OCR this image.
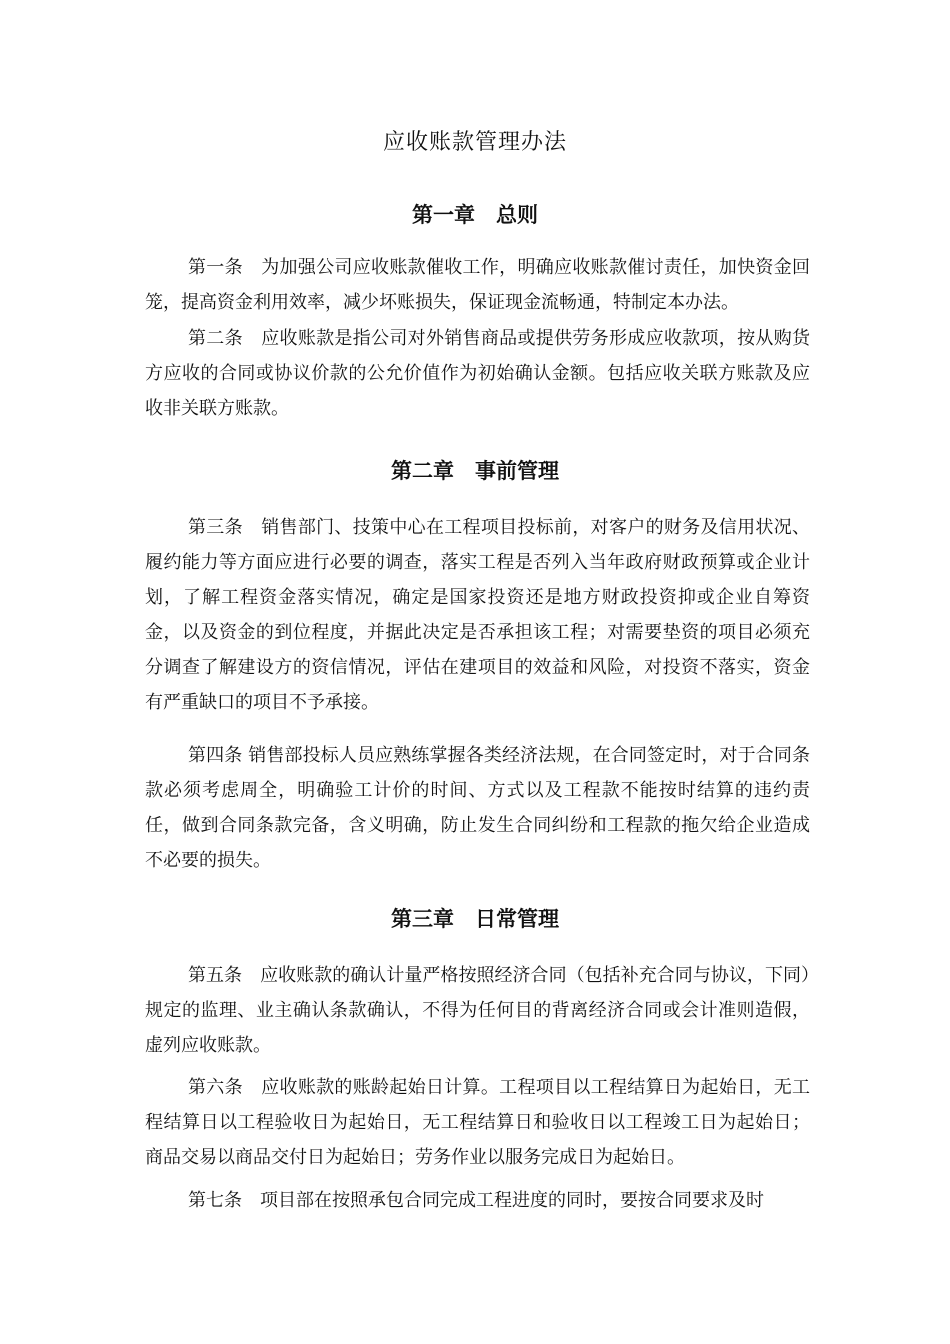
应收账款管理办法
第一章　总则
第一条　为加强公司应收账款催收工作，明确应收账款催讨责任，加快资金回笼，提高资金利用效率，减少坏账损失，保证现金流畅通，特制定本办法。
第二条　应收账款是指公司对外销售商品或提供劳务形成应收款项，按从购货方应收的合同或协议价款的公允价值作为初始确认金额。包括应收关联方账款及应收非关联方账款。
第二章　事前管理
第三条　销售部门、技策中心在工程项目投标前，对客户的财务及信用状况、履约能力等方面应进行必要的调查，落实工程是否列入当年政府财政预算或企业计划，了解工程资金落实情况，确定是国家投资还是地方财政投资抑或企业自筹资金，以及资金的到位程度，并据此决定是否承担该工程；对需要垫资的项目必须充分调查了解建设方的资信情况，评估在建项目的效益和风险，对投资不落实，资金有严重缺口的项目不予承接。
第四条 销售部投标人员应熟练掌握各类经济法规，在合同签定时，对于合同条款必须考虑周全，明确验工计价的时间、方式以及工程款不能按时结算的违约责任，做到合同条款完备，含义明确，防止发生合同纠纷和工程款的拖欠给企业造成不必要的损失。
第三章　日常管理
第五条　应收账款的确认计量严格按照经济合同（包括补充合同与协议，下同）规定的监理、业主确认条款确认，不得为任何目的背离经济合同或会计准则造假，虚列应收账款。
第六条　应收账款的账龄起始日计算。工程项目以工程结算日为起始日，无工程结算日以工程验收日为起始日，无工程结算日和验收日以工程竣工日为起始日；商品交易以商品交付日为起始日；劳务作业以服务完成日为起始日。
第七条　项目部在按照承包合同完成工程进度的同时，要按合同要求及时
